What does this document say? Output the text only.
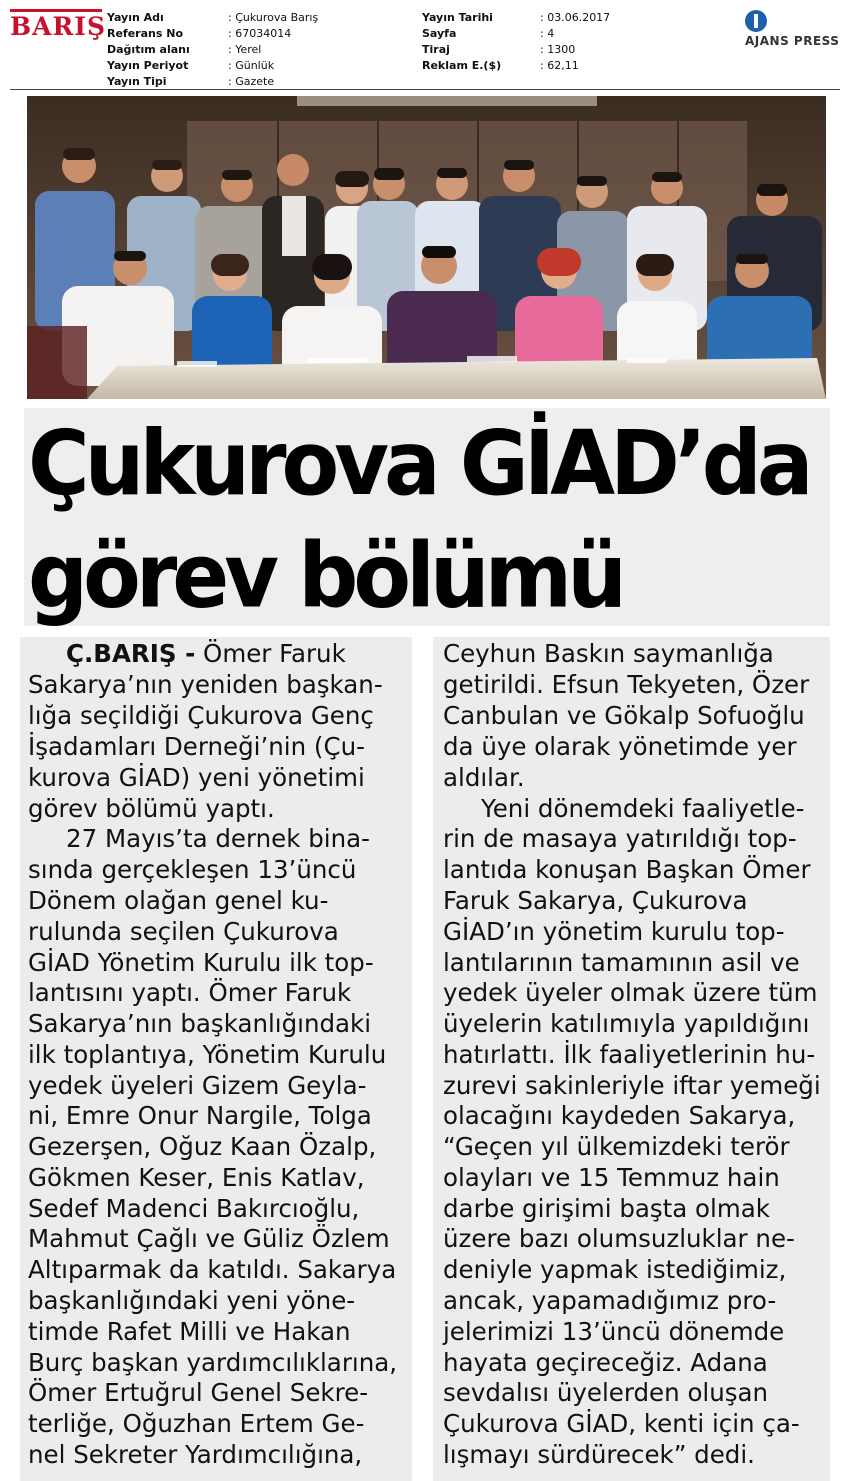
BARIŞ Yayın Adı	: Çukurova Barış
Referans No	: 67034014
Dağıtım alanı	: Yerel
Yayın Periyot	: Günlük
Yayın Tipi	: Gazete
Yayın Tarihi	: 03.06.2017
Sayfa	: 4
Tiraj	: 1300
Reklam E.($)	: 62,11
AJANS PRESS
Çukurova GİAD’da
görev bölümü
Ç.BARIŞ - Ömer Faruk
Sakarya’nın yeniden başkan-
lığa seçildiği Çukurova Genç
İşadamları Derneği’nin (Çu-
kurova GİAD) yeni yönetimi
görev bölümü yaptı.
27 Mayıs’ta dernek bina-
sında gerçekleşen 13’üncü
Dönem olağan genel ku-
rulunda seçilen Çukurova
GİAD Yönetim Kurulu ilk top-
lantısını yaptı. Ömer Faruk
Sakarya’nın başkanlığındaki
ilk toplantıya, Yönetim Kurulu
yedek üyeleri Gizem Geyla-
ni, Emre Onur Nargile, Tolga
Gezerşen, Oğuz Kaan Özalp,
Gökmen Keser, Enis Katlav,
Sedef Madenci Bakırcıoğlu,
Mahmut Çağlı ve Güliz Özlem
Altıparmak da katıldı. Sakarya
başkanlığındaki yeni yöne-
timde Rafet Milli ve Hakan
Burç başkan yardımcılıklarına,
Ömer Ertuğrul Genel Sekre-
terliğe, Oğuzhan Ertem Ge-
nel Sekreter Yardımcılığına,
Ceyhun Baskın saymanlığa
getirildi. Efsun Tekyeten, Özer
Canbulan ve Gökalp Sofuoğlu
da üye olarak yönetimde yer
aldılar.
Yeni dönemdeki faaliyetle-
rin de masaya yatırıldığı top-
lantıda konuşan Başkan Ömer
Faruk Sakarya, Çukurova
GİAD’ın yönetim kurulu top-
lantılarının tamamının asil ve
yedek üyeler olmak üzere tüm
üyelerin katılımıyla yapıldığını
hatırlattı. İlk faaliyetlerinin hu-
zurevi sakinleriyle iftar yemeği
olacağını kaydeden Sakarya,
“Geçen yıl ülkemizdeki terör
olayları ve 15 Temmuz hain
darbe girişimi başta olmak
üzere bazı olumsuzluklar ne-
deniyle yapmak istediğimiz,
ancak, yapamadığımız pro-
jelerimizi 13’üncü dönemde
hayata geçireceğiz. Adana
sevdalısı üyelerden oluşan
Çukurova GİAD, kenti için ça-
lışmayı sürdürecek” dedi.
